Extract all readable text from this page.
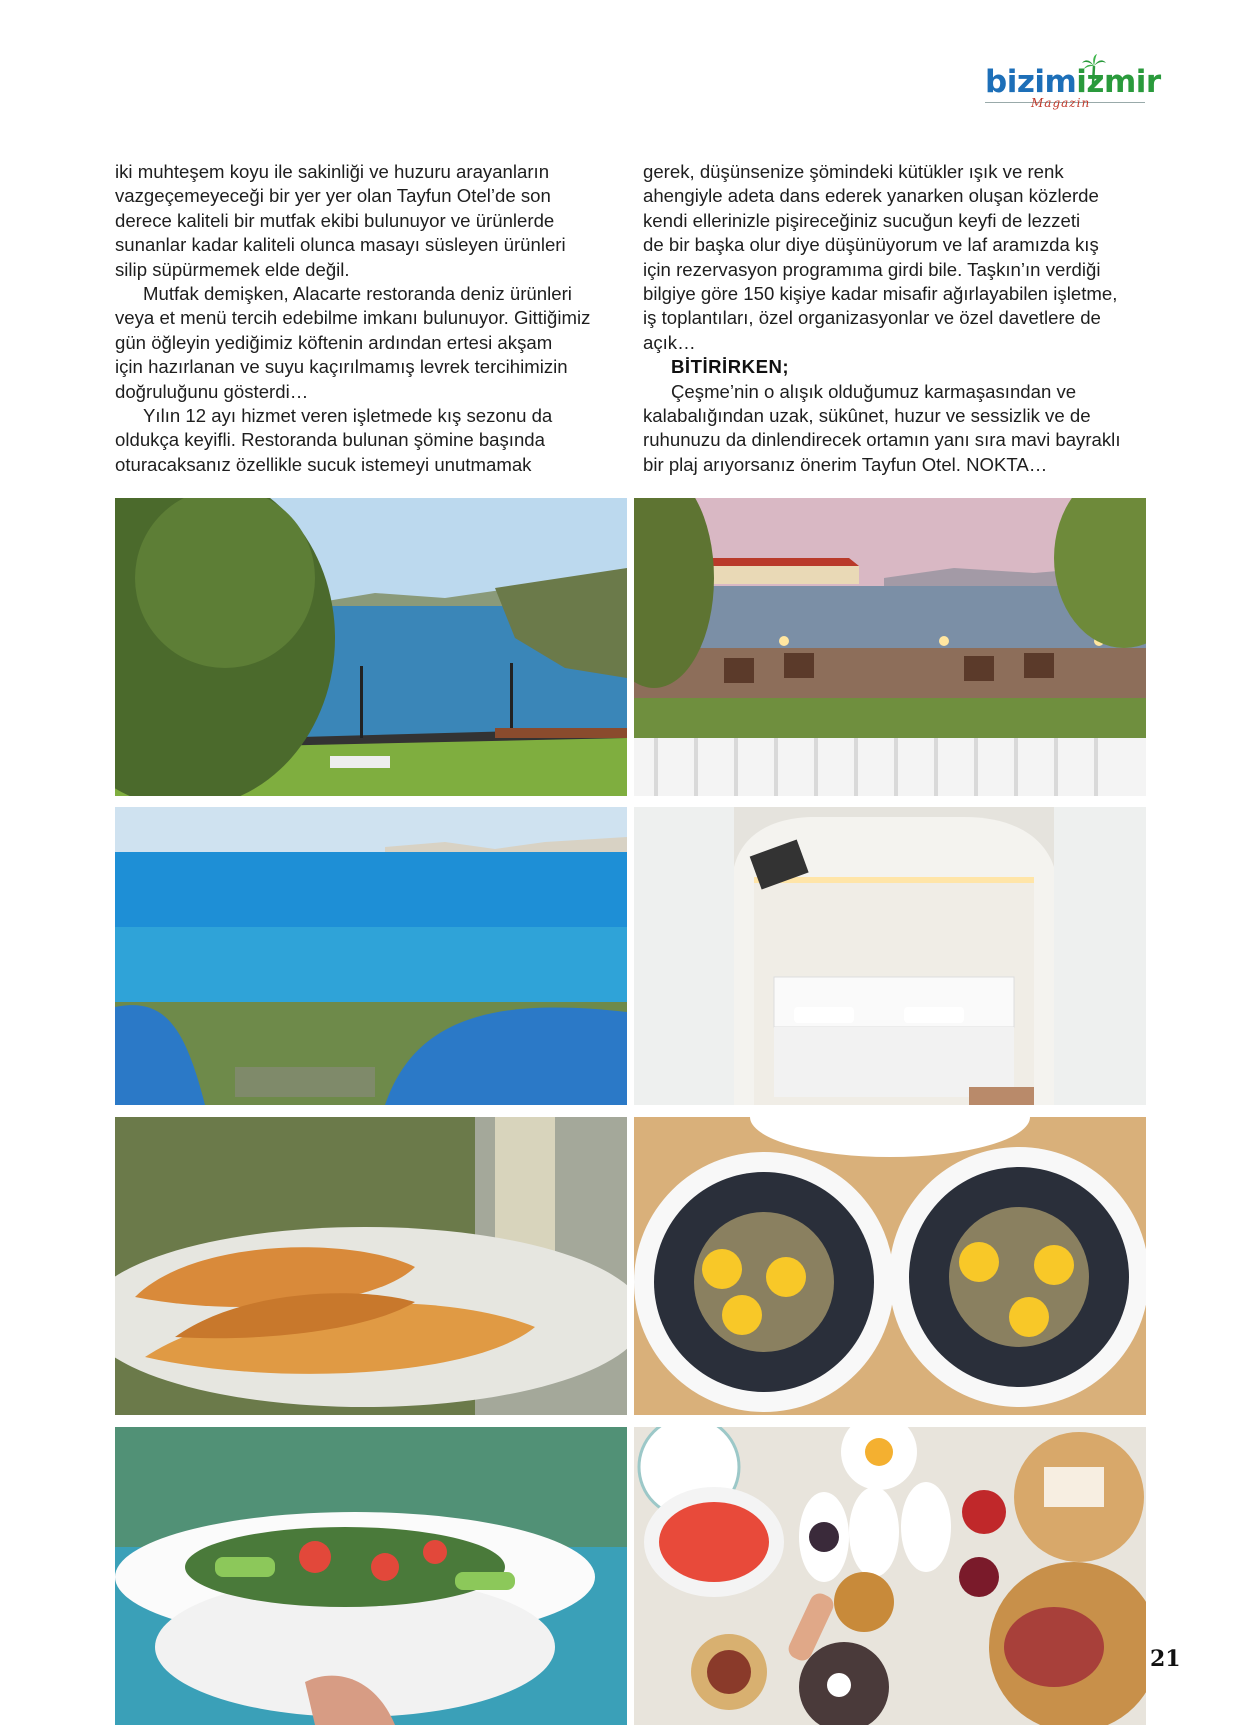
bizimizmir
Magazin

iki muhteşem koyu ile sakinliği ve huzuru arayanların
vazgeçemeyeceği bir yer yer olan Tayfun Otel’de son
derece kaliteli bir mutfak ekibi bulunuyor ve ürünlerde
sunanlar kadar kaliteli olunca masayı süsleyen ürünleri
silip süpürmemek elde değil.

Mutfak demişken, Alacarte restoranda deniz ürünleri
veya et menü tercih edebilme imkanı bulunuyor. Gittiğimiz
gün öğleyin yediğimiz köftenin ardından ertesi akşam
için hazırlanan ve suyu kaçırılmamış levrek tercihimizin
doğruluğunu gösterdi…

Yılın 12 ayı hizmet veren işletmede kış sezonu da
oldukça keyifli. Restoranda bulunan şömine başında
oturacaksanız özellikle sucuk istemeyi unutmamak

gerek, düşünsenize şömindeki kütükler ışık ve renk
ahengiyle adeta dans ederek yanarken oluşan közlerde
kendi ellerinizle pişireceğiniz sucuğun keyfi de lezzeti
de bir başka olur diye düşünüyorum ve laf aramızda kış
için rezervasyon programıma girdi bile. Taşkın’ın verdiği
bilgiye göre 150 kişiye kadar misafir ağırlayabilen işletme,
iş toplantıları, özel organizasyonlar ve özel davetlere de
açık…

BİTİRİRKEN;

Çeşme’nin o alışık olduğumuz karmaşasından ve
kalabalığından uzak, sükûnet, huzur ve sessizlik ve de
ruhunuzu da dinlendirecek ortamın yanı sıra mavi bayraklı
bir plaj arıyorsanız önerim Tayfun Otel. NOKTA…

21
